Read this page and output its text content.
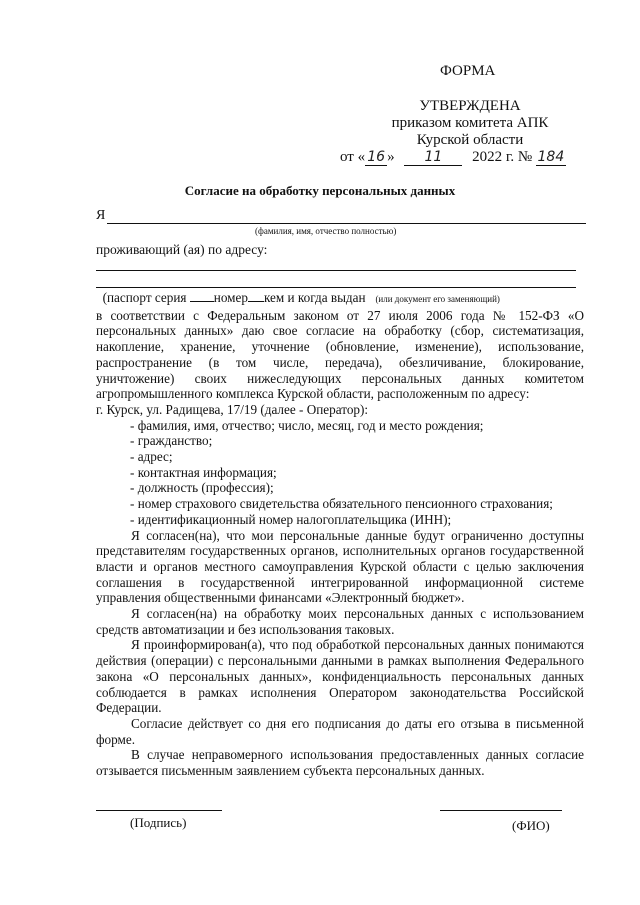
ФОРМА
УТВЕРЖДЕНА
приказом комитета АПК
Курской области
от « 16 » 11 2022 г. № 184
Согласие на обработку персональных данных
Я
(фамилия, имя, отчество полностью)
проживающий (ая) по адресу:

(паспорт серия номер кем и когда выдан (или документ его заменяющий)

в соответствии с Федеральным законом от 27 июля 2006 года № 152-ФЗ «О персональных данных» даю свое согласие на обработку (сбор, систематизация, накопление, хранение, уточнение (обновление, изменение), использование, распространение (в том числе, передача), обезличивание, блокирование, уничтожение) своих нижеследующих персональных данных комитетом агропромышленного комплекса Курской области, расположенным по адресу:

г. Курск, ул. Радищева, 17/19 (далее - Оператор):

- фамилия, имя, отчество; число, месяц, год и место рождения;
- гражданство;
- адрес;
- контактная информация;
- должность (профессия);
- номер страхового свидетельства обязательного пенсионного страхования;
- идентификационный номер налогоплательщика (ИНН);

Я согласен(на), что мои персональные данные будут ограниченно доступны представителям государственных органов, исполнительных органов государственной власти и органов местного самоуправления Курской области с целью заключения соглашения в государственной интегрированной информационной системе управления общественными финансами «Электронный бюджет».

Я согласен(на) на обработку моих персональных данных с использованием средств автоматизации и без использования таковых.

Я проинформирован(а), что под обработкой персональных данных понимаются действия (операции) с персональными данными в рамках выполнения Федерального закона «О персональных данных», конфиденциальность персональных данных соблюдается в рамках исполнения Оператором законодательства Российской Федерации.

Согласие действует со дня его подписания до даты его отзыва в письменной форме.

В случае неправомерного использования предоставленных данных согласие отзывается письменным заявлением субъекта персональных данных.

(Подпись)	(ФИО)
